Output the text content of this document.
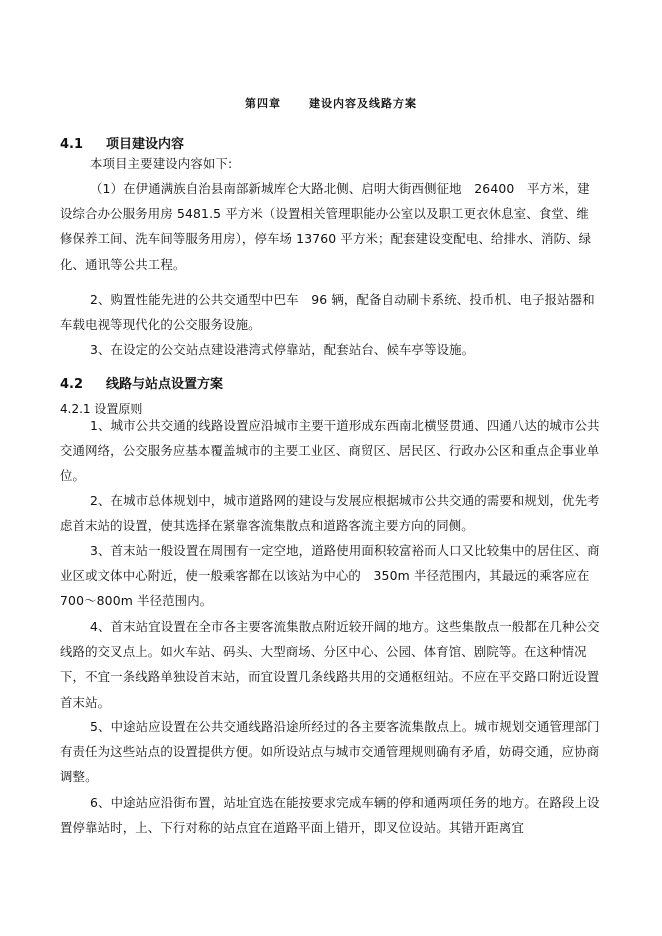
第四章	建设内容及线路方案
4.1 项目建设内容

本项目主要建设内容如下:

（1）在伊通满族自治县南部新城库仑大路北侧、启明大街西侧征地　26400　平方米，建设综合办公服务用房 5481.5 平方米（设置相关管理职能办公室以及职工更衣休息室、食堂、维修保养工间、洗车间等服务用房），停车场 13760 平方米；配套建设变配电、给排水、消防、绿化、通讯等公共工程。

2、购置性能先进的公共交通型中巴车　96 辆，配备自动刷卡系统、投币机、电子报站器和车载电视等现代化的公交服务设施。

3、在设定的公交站点建设港湾式停靠站，配套站台、候车亭等设施。

4.2 线路与站点设置方案
4.2.1 设置原则

1、城市公共交通的线路设置应沿城市主要干道形成东西南北横竖贯通、四通八达的城市公共交通网络，公交服务应基本覆盖城市的主要工业区、商贸区、居民区、行政办公区和重点企事业单位。

2、在城市总体规划中，城市道路网的建设与发展应根据城市公共交通的需要和规划，优先考虑首末站的设置，使其选择在紧靠客流集散点和道路客流主要方向的同侧。

3、首末站一般设置在周围有一定空地，道路使用面积较富裕而人口又比较集中的居住区、商业区或文体中心附近，使一般乘客都在以该站为中心的　350m 半径范围内，其最远的乘客应在 700～800m 半径范围内。

4、首末站宜设置在全市各主要客流集散点附近较开阔的地方。这些集散点一般都在几种公交线路的交叉点上。如火车站、码头、大型商场、分区中心、公园、体育馆、剧院等。在这种情况下，不宜一条线路单独设首末站，而宜设置几条线路共用的交通枢纽站。不应在平交路口附近设置首末站。

5、中途站应设置在公共交通线路沿途所经过的各主要客流集散点上。城市规划交通管理部门有责任为这些站点的设置提供方便。如所设站点与城市交通管理规则确有矛盾，妨碍交通，应协商调整。

6、中途站应沿街布置，站址宜选在能按要求完成车辆的停和通两项任务的地方。在路段上设置停靠站时，上、下行对称的站点宜在道路平面上错开，即叉位设站。其错开距离宜
